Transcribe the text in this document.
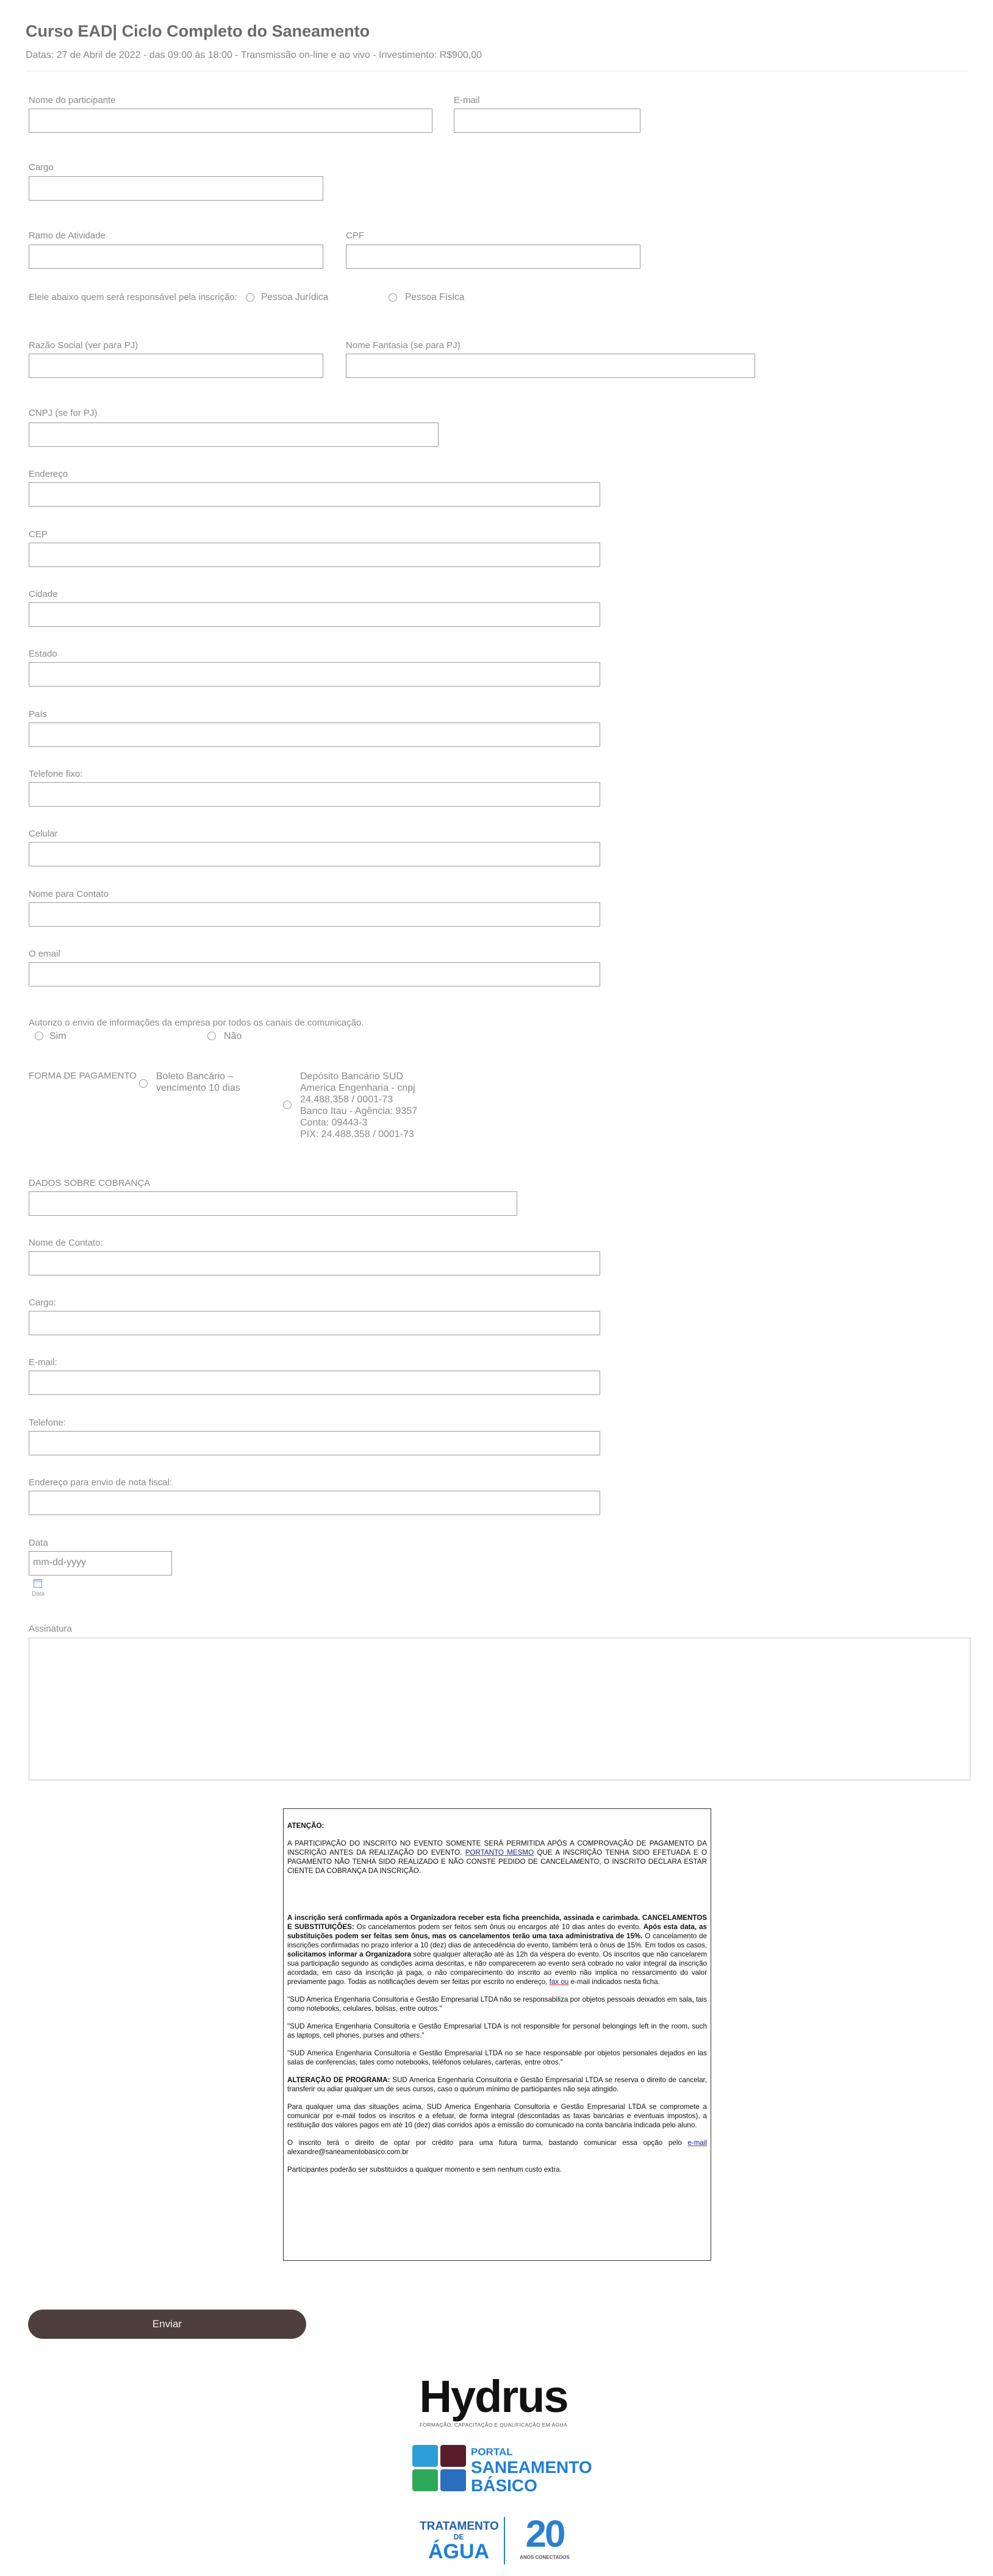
Curso EAD| Ciclo Completo do Saneamento
Datas: 27 de Abril de 2022 - das 09:00 às 18:00 - Transmissão on-line e ao vivo - Investimento: R$900,00
Nome do participante	E-mail
Cargo
Ramo de Atividade	CPF
Eleie abaixo quem será responsável pela inscrição:	Pessoa Jurídica	Pessoa Física
Razão Social (ver para PJ)	Nome Fantasia (se para PJ)
CNPJ (se for PJ)
Endereço
CEP
Cidade
Estado
País
Telefone fixo:
Celular
Nome para Contato
O email
Autorizo o envio de informações da empresa por todos os canais de comunicação.
Sim	Não
FORMA DE PAGAMENTO Boleto Bancário –
vencimento 10 dias
Depósito Bancário SUD
America Engenharia - cnpj
24.488.358 / 0001-73
Banco Itau - Agência: 9357
Conta: 09443-3
PIX: 24.488.358 / 0001-73
DADOS SOBRE COBRANÇA
Nome de Contato:
Cargo:
E-mail:
Telefone:
Endereço para envio de nota fiscal:
Data
mm-dd-yyyy
Data
Assinatura

ATENÇÃO:

A PARTICIPAÇÃO DO INSCRITO NO EVENTO SOMENTE SERÁ PERMITIDA APÓS A COMPROVAÇÃO DE PAGAMENTO DA INSCRIÇÃO ANTES DA REALIZAÇÃO DO EVENTO. PORTANTO MESMO QUE A INSCRIÇÃO TENHA SIDO EFETUADA E O PAGAMENTO NÃO TENHA SIDO REALIZADO E NÃO CONSTE PEDIDO DE CANCELAMENTO, O INSCRITO DECLARA ESTAR CIENTE DA COBRANÇA DA INSCRIÇÃO.

A inscrição será confirmada após a Organizadora receber esta ficha preenchida, assinada e carimbada. CANCELAMENTOS E SUBSTITUIÇÕES: Os cancelamentos podem ser feitos sem ônus ou encargos até 10 dias antes do evento. Após esta data, as substituições podem ser feitas sem ônus, mas os cancelamentos terão uma taxa administrativa de 15%. O cancelamento de inscrições confirmadas no prazo inferior a 10 (dez) dias de antecedência do evento, também terá o ônus de 15%. Em todos os casos, solicitamos informar a Organizadora sobre qualquer alteração até às 12h da véspera do evento. Os inscritos que não cancelarem sua participação segundo as condições acima descritas, e não comparecerem ao evento será cobrado no valor integral da inscrição acordada, em caso da inscrição já paga, o não comparecimento do inscrito ao evento não implica no ressarcimento do valor previamente pago. Todas as notificações devem ser feitas por escrito no endereço, fax ou e-mail indicados nesta ficha.

"SUD America Engenharia Consultoria e Gestão Empresarial LTDA não se responsabiliza por objetos pessoais deixados em sala, tais como notebooks, celulares, bolsas, entre outros."

"SUD America Engenharia Consultoria e Gestão Empresarial LTDA is not responsible for personal belongings left in the room, such as laptops, cell phones, purses and others."

"SUD America Engenharia Consultoria e Gestão Empresarial LTDA no se hace responsable por objetos personales dejados en las salas de conferencias, tales como notebooks, teléfonos celulares, carteras, entre otros."

ALTERAÇÃO DE PROGRAMA: SUD America Engenharia Consultoria e Gestão Empresarial LTDA se reserva o direito de cancelar, transferir ou adiar qualquer um de seus cursos, caso o quórum mínimo de participantes não seja atingido.

Para qualquer uma das situações acima, SUD America Engenharia Consultoria e Gestão Empresarial LTDA se compromete a comunicar por e-mail todos os inscritos e a efetuar, de forma integral (descontadas as taxas bancárias e eventuais impostos), a restituição dos valores pagos em até 10 (dez) dias corridos após a emissão do comunicado na conta bancária indicada pelo aluno.

O inscrito terá o direito de optar por crédito para uma futura turma, bastando comunicar essa opção pelo e-mail alexandre@saneamentobasico.com.br

Participantes poderão ser substituídos a qualquer momento e sem nenhum custo extra.

Enviar
Hydrus
FORMAÇÃO, CAPACITAÇÃO E QUALIFICAÇÃO EM ÁGUA
PORTAL
SANEAMENTO
BÁSICO
TRATAMENTO
DE
ÁGUA 20
ANOS CONECTADOS
